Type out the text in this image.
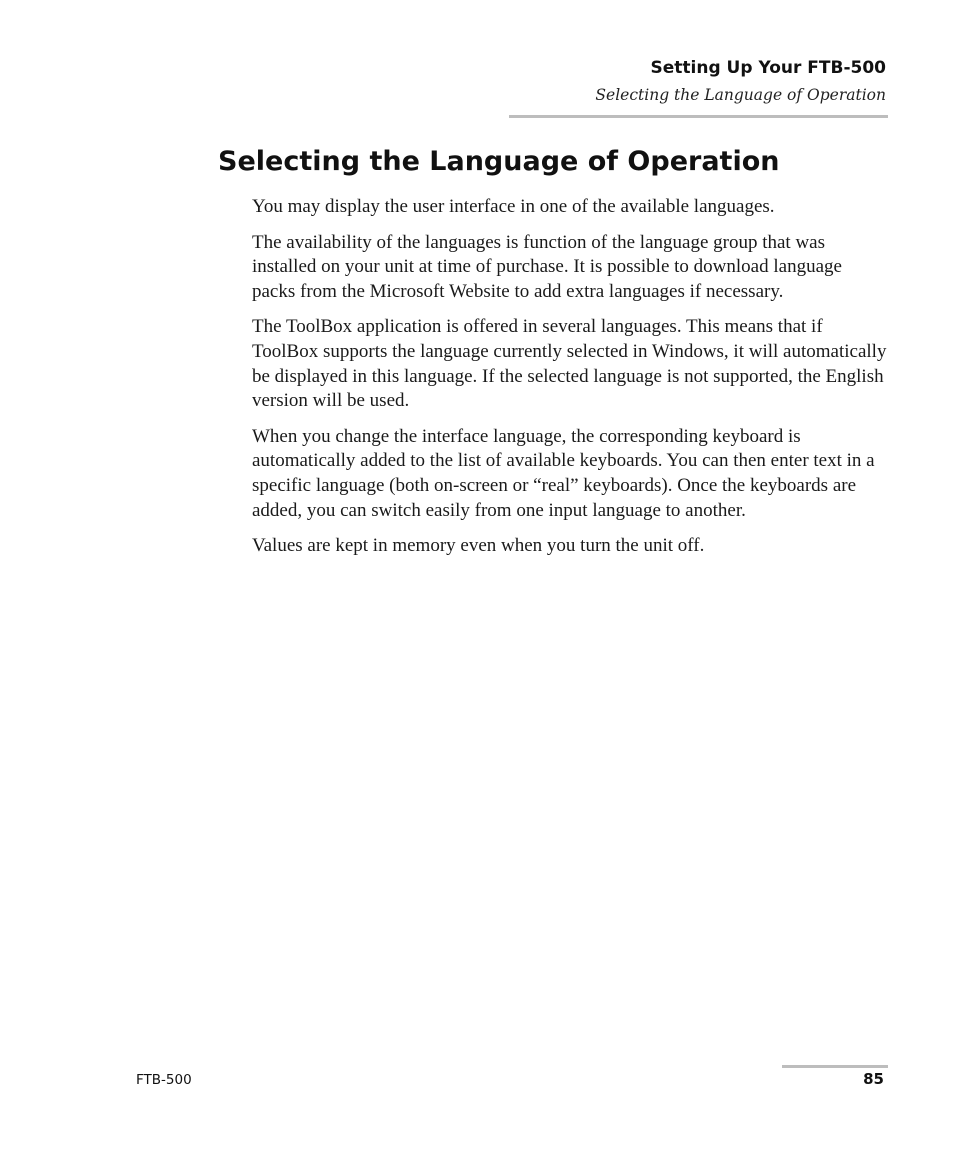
Setting Up Your FTB-500
Selecting the Language of Operation
Selecting the Language of Operation

You may display the user interface in one of the available languages.

The availability of the languages is function of the language group that was installed on your unit at time of purchase. It is possible to download language packs from the Microsoft Website to add extra languages if necessary.

The ToolBox application is offered in several languages. This means that if ToolBox supports the language currently selected in Windows, it will automatically be displayed in this language. If the selected language is not supported, the English version will be used.

When you change the interface language, the corresponding keyboard is automatically added to the list of available keyboards. You can then enter text in a specific language (both on-screen or “real” keyboards). Once the keyboards are added, you can switch easily from one input language to another.

Values are kept in memory even when you turn the unit off.

FTB-500	85
